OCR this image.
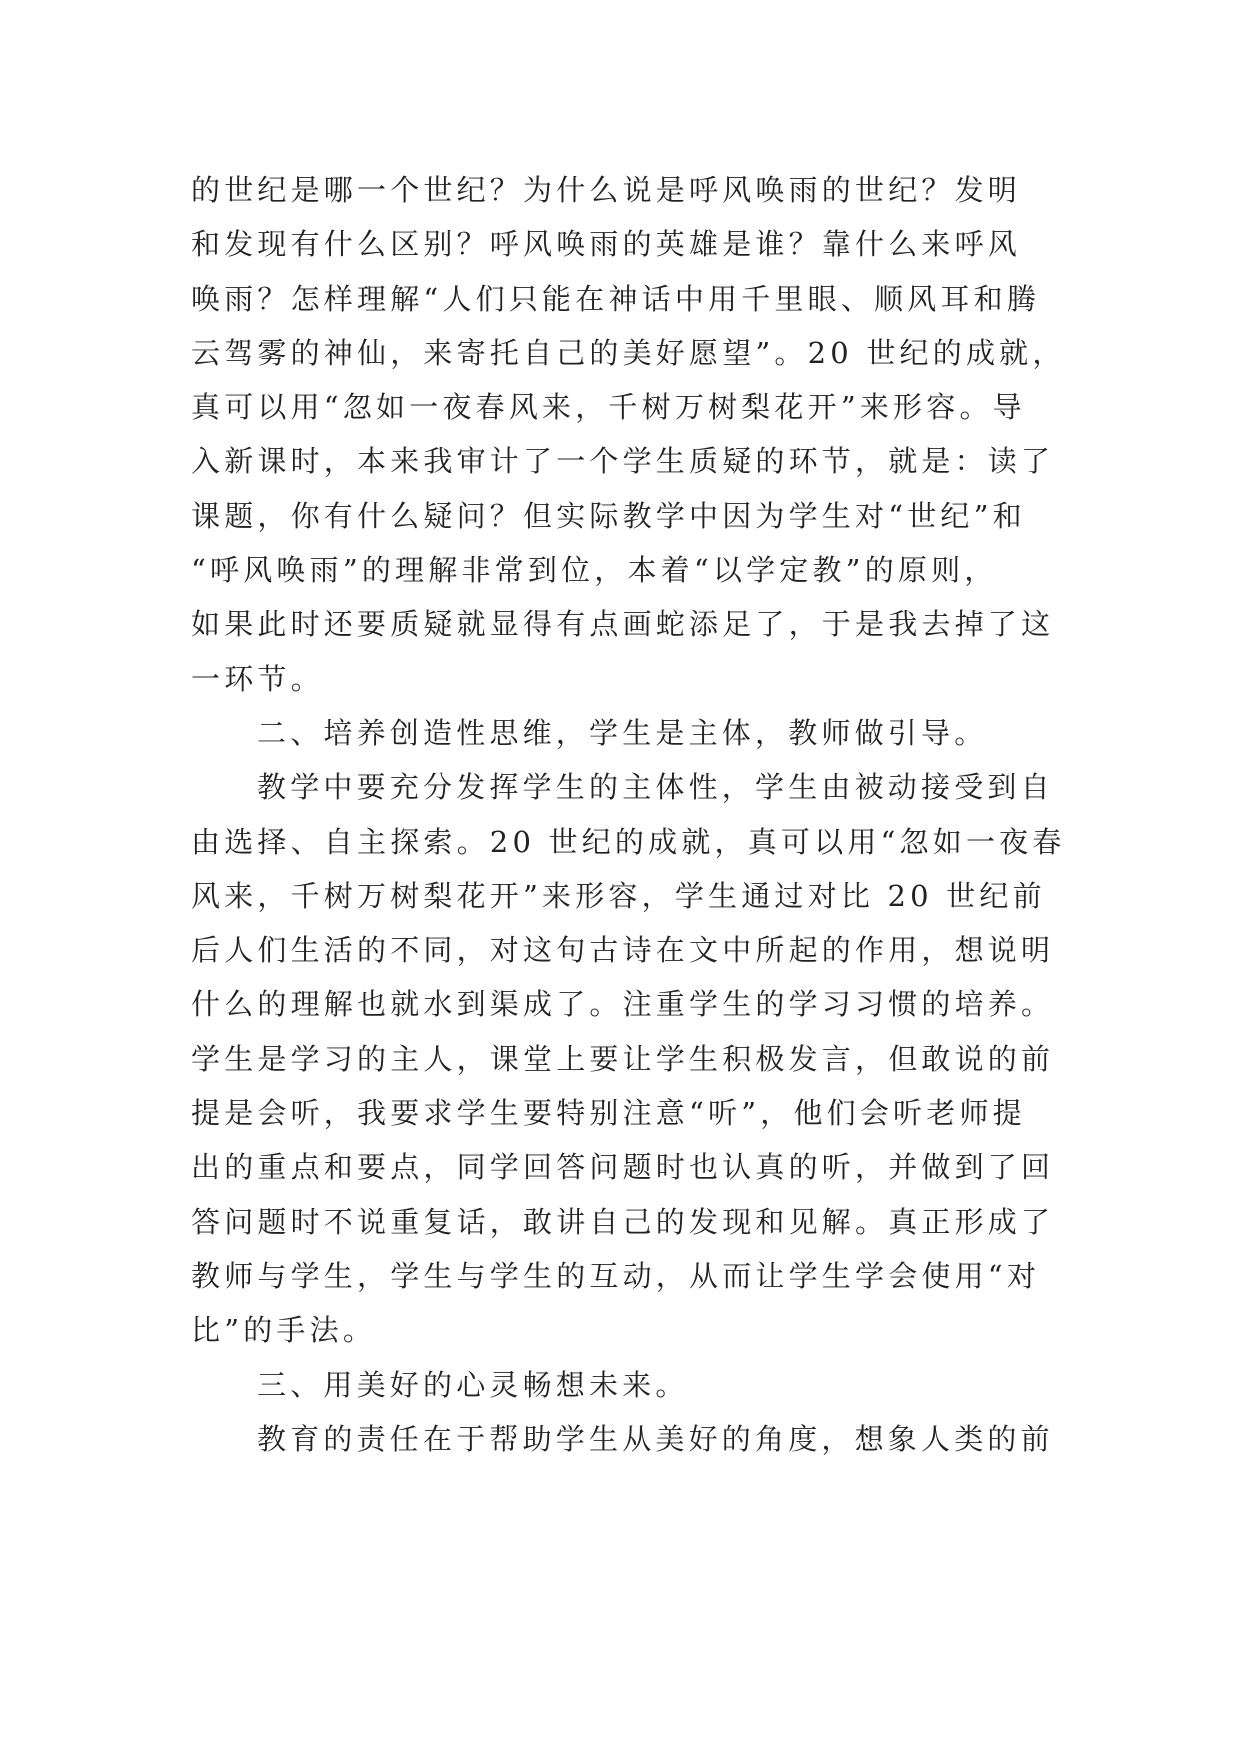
的世纪是哪一个世纪？为什么说是呼风唤雨的世纪？发明
和发现有什么区别？呼风唤雨的英雄是谁？靠什么来呼风
唤雨？怎样理解“人们只能在神话中用千里眼、顺风耳和腾
云驾雾的神仙，来寄托自己的美好愿望”。20 世纪的成就，
真可以用“忽如一夜春风来，千树万树梨花开”来形容。导
入新课时，本来我审计了一个学生质疑的环节，就是：读了
课题，你有什么疑问？但实际教学中因为学生对“世纪”和
“呼风唤雨”的理解非常到位，本着“以学定教”的原则，
如果此时还要质疑就显得有点画蛇添足了，于是我去掉了这
一环节。
二、培养创造性思维，学生是主体，教师做引导。
教学中要充分发挥学生的主体性，学生由被动接受到自
由选择、自主探索。20 世纪的成就，真可以用“忽如一夜春
风来，千树万树梨花开”来形容，学生通过对比 20 世纪前
后人们生活的不同，对这句古诗在文中所起的作用，想说明
什么的理解也就水到渠成了。注重学生的学习习惯的培养。
学生是学习的主人，课堂上要让学生积极发言，但敢说的前
提是会听，我要求学生要特别注意“听”，他们会听老师提
出的重点和要点，同学回答问题时也认真的听，并做到了回
答问题时不说重复话，敢讲自己的发现和见解。真正形成了
教师与学生，学生与学生的互动，从而让学生学会使用“对
比”的手法。
三、用美好的心灵畅想未来。
教育的责任在于帮助学生从美好的角度，想象人类的前
